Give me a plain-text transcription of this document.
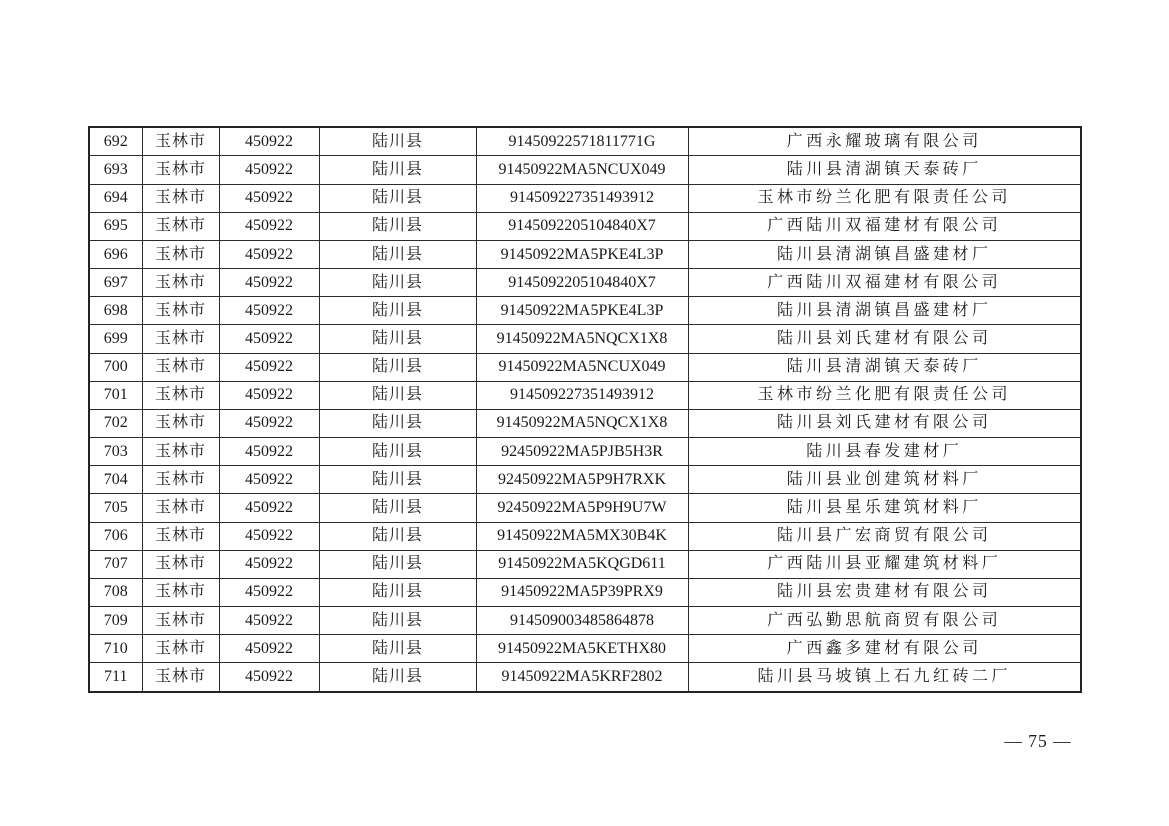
692	玉林市	450922	陆川县	91450922571811771G	广西永耀玻璃有限公司
693	玉林市	450922	陆川县	91450922MA5NCUX049	陆川县清湖镇天泰砖厂
694	玉林市	450922	陆川县	914509227351493912	玉林市纷兰化肥有限责任公司
695	玉林市	450922	陆川县	9145092205104840X7	广西陆川双福建材有限公司
696	玉林市	450922	陆川县	91450922MA5PKE4L3P	陆川县清湖镇昌盛建材厂
697	玉林市	450922	陆川县	9145092205104840X7	广西陆川双福建材有限公司
698	玉林市	450922	陆川县	91450922MA5PKE4L3P	陆川县清湖镇昌盛建材厂
699	玉林市	450922	陆川县	91450922MA5NQCX1X8	陆川县刘氏建材有限公司
700	玉林市	450922	陆川县	91450922MA5NCUX049	陆川县清湖镇天泰砖厂
701	玉林市	450922	陆川县	914509227351493912	玉林市纷兰化肥有限责任公司
702	玉林市	450922	陆川县	91450922MA5NQCX1X8	陆川县刘氏建材有限公司
703	玉林市	450922	陆川县	92450922MA5PJB5H3R	陆川县春发建材厂
704	玉林市	450922	陆川县	92450922MA5P9H7RXK	陆川县业创建筑材料厂
705	玉林市	450922	陆川县	92450922MA5P9H9U7W	陆川县星乐建筑材料厂
706	玉林市	450922	陆川县	91450922MA5MX30B4K	陆川县广宏商贸有限公司
707	玉林市	450922	陆川县	91450922MA5KQGD611	广西陆川县亚耀建筑材料厂
708	玉林市	450922	陆川县	91450922MA5P39PRX9	陆川县宏贵建材有限公司
709	玉林市	450922	陆川县	914509003485864878	广西弘勤思航商贸有限公司
710	玉林市	450922	陆川县	91450922MA5KETHX80	广西鑫多建材有限公司
711	玉林市	450922	陆川县	91450922MA5KRF2802	陆川县马坡镇上石九红砖二厂
— 75 —
